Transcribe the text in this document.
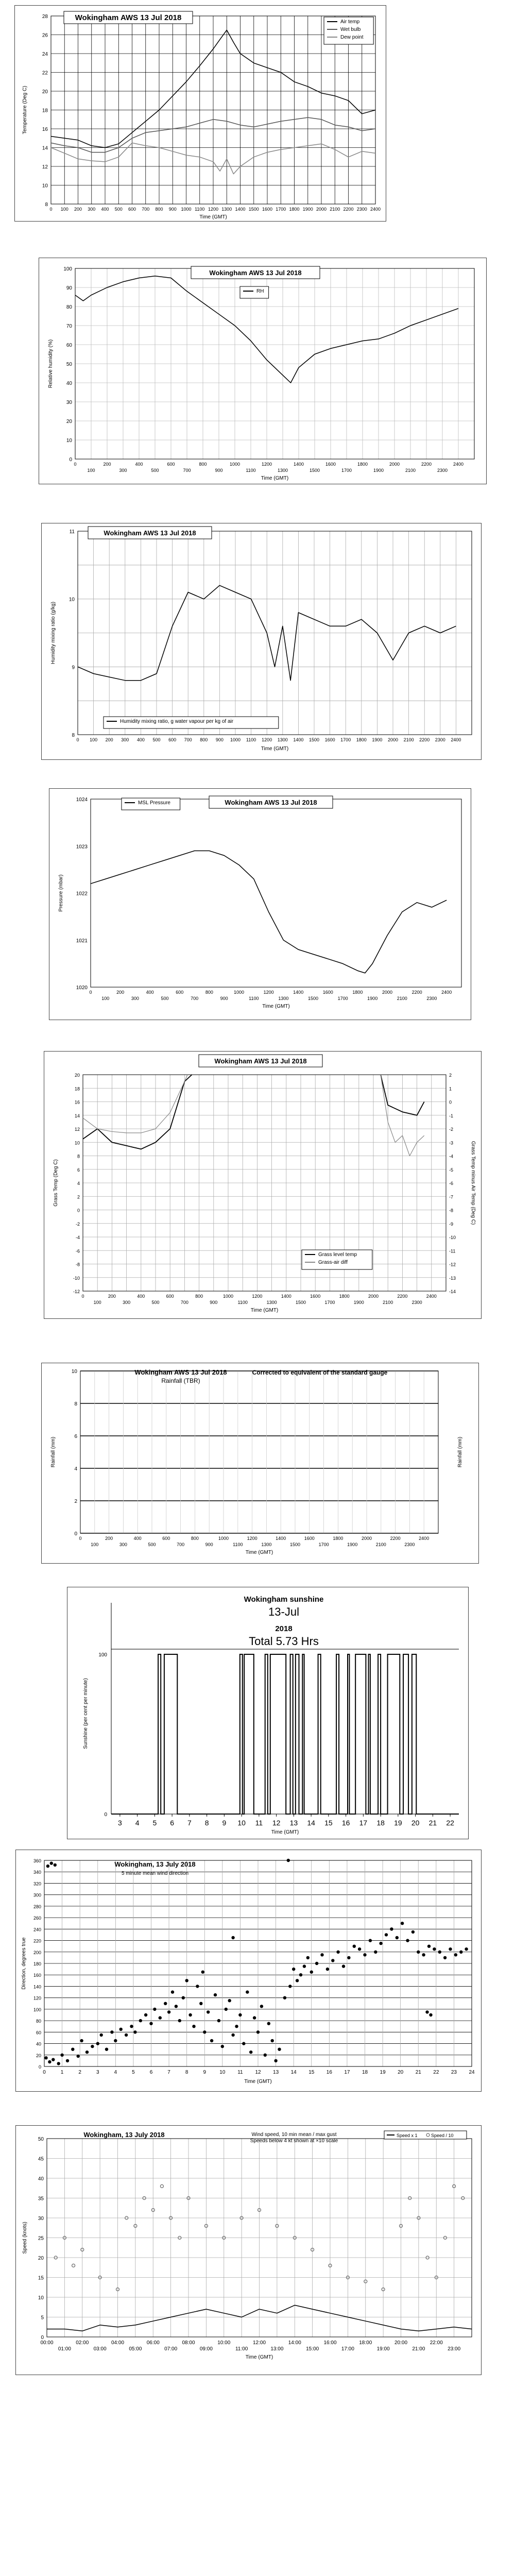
8
10
12
14
16
18
20
22
24
26
28
0 100 200 300 400 500 600 700 800 900 1000 1100 1200 1300 1400 1500 1600 1700 1800 1900 2000 2100 2200 2300 2400
Wokingham AWS 13 Jul 2018	Air temp
Wet bulb
Dew point
Time (GMT)
Temperature (Deg C)
0
10
20
30
40
50
60
70
80
90
100
0	200	400	600	800	1000	1200	1400	1600	1800	2000	2200	2400
100	300	500	700	900	1100	1300	1500	1700	1900	2100	2300
Wokingham AWS 13 Jul 2018
RH
Time (GMT)
Relative humidity (%)
8
9
10
11
0 100 200 300 400 500 600 700 800 900 1000 1100 1200 1300 1400 1500 1600 1700 1800 1900 2000 2100 2200 2300 2400
Wokingham AWS 13 Jul 2018
Humidity mixing ratio, g water vapour per kg of air
Time (GMT)
Humidity mixing ratio (g/kg)
1020
1021
1022
1023
1024
0	200	400	600	800	1000	1200	1400	1600	1800	2000	2200	2400
100	300	500	700	900	1100	1300	1500	1700	1900	2100	2300
MSL Pressure	Wokingham AWS 13 Jul 2018
Time (GMT)
Pressure (mbar)
-12
-10
-8
-6
-4
-2
0
2
4
6
8
10
12
14
16
18
20
-14
-13
-12
-11
-10
-9
-8
-7
-6
-5
-4
-3
-2
-1
0
1
2
0	200	400	600	800	1000	1200	1400	1600	1800	2000	2200	2400
100	300	500	700	900	1100	1300	1500	1700	1900	2100	2300
Wokingham AWS 13 Jul 2018
Grass level temp
Grass-air diff
Time (GMT)
Grass Temp (Deg C)	Grass Temp minus Air Temp (Deg C)
0
2
4
6
8
10
0	200	400	600	800	1000	1200	1400	1600	1800	2000	2200	2400
100	300	500	700	900	1100	1300	1500	1700	1900	2100	2300
Wokingham AWS 13 Jul 2018
Rainfall (TBR)
Corrected to equivalent of the standard gauge
Time (GMT)
Rainfall (mm)	Rainfall (mm)
0
100
3 4 5 6 7 8 9 10 11 12 13 14 15 16 17 18 19 20 21 22
Wokingham sunshine
13-Jul
2018
Total 5.73 Hrs
Time (GMT)
Sunshine (per cent per minute)
0
20
40
60
80
100
120
140
160
180
200
220
240
260
280
300
320
340
360
0	1	2	3	4	5	6	7	8	9	10 11 12 13 14 15 16 17 18 19 20 21 22 23 24
Wokingham, 13 July 2018
5 minute mean wind direction
Time (GMT)
Direction, degrees true
0
5
10
15
20
25
30
35
40
45
50
00:00	02:00	04:00	06:00	08:00	10:00	12:00	14:00	16:00	18:00	20:00	22:00
01:00	03:00	05:00	07:00	09:00	11:00	13:00	15:00	17:00	19:00	21:00	23:00
Wokingham, 13 July 2018	Wind speed, 10 min mean / max gust
Speeds below 4 kt shown at ×10 scale
Speed x 1	Speed / 10
Time (GMT)
Speed (knots)
